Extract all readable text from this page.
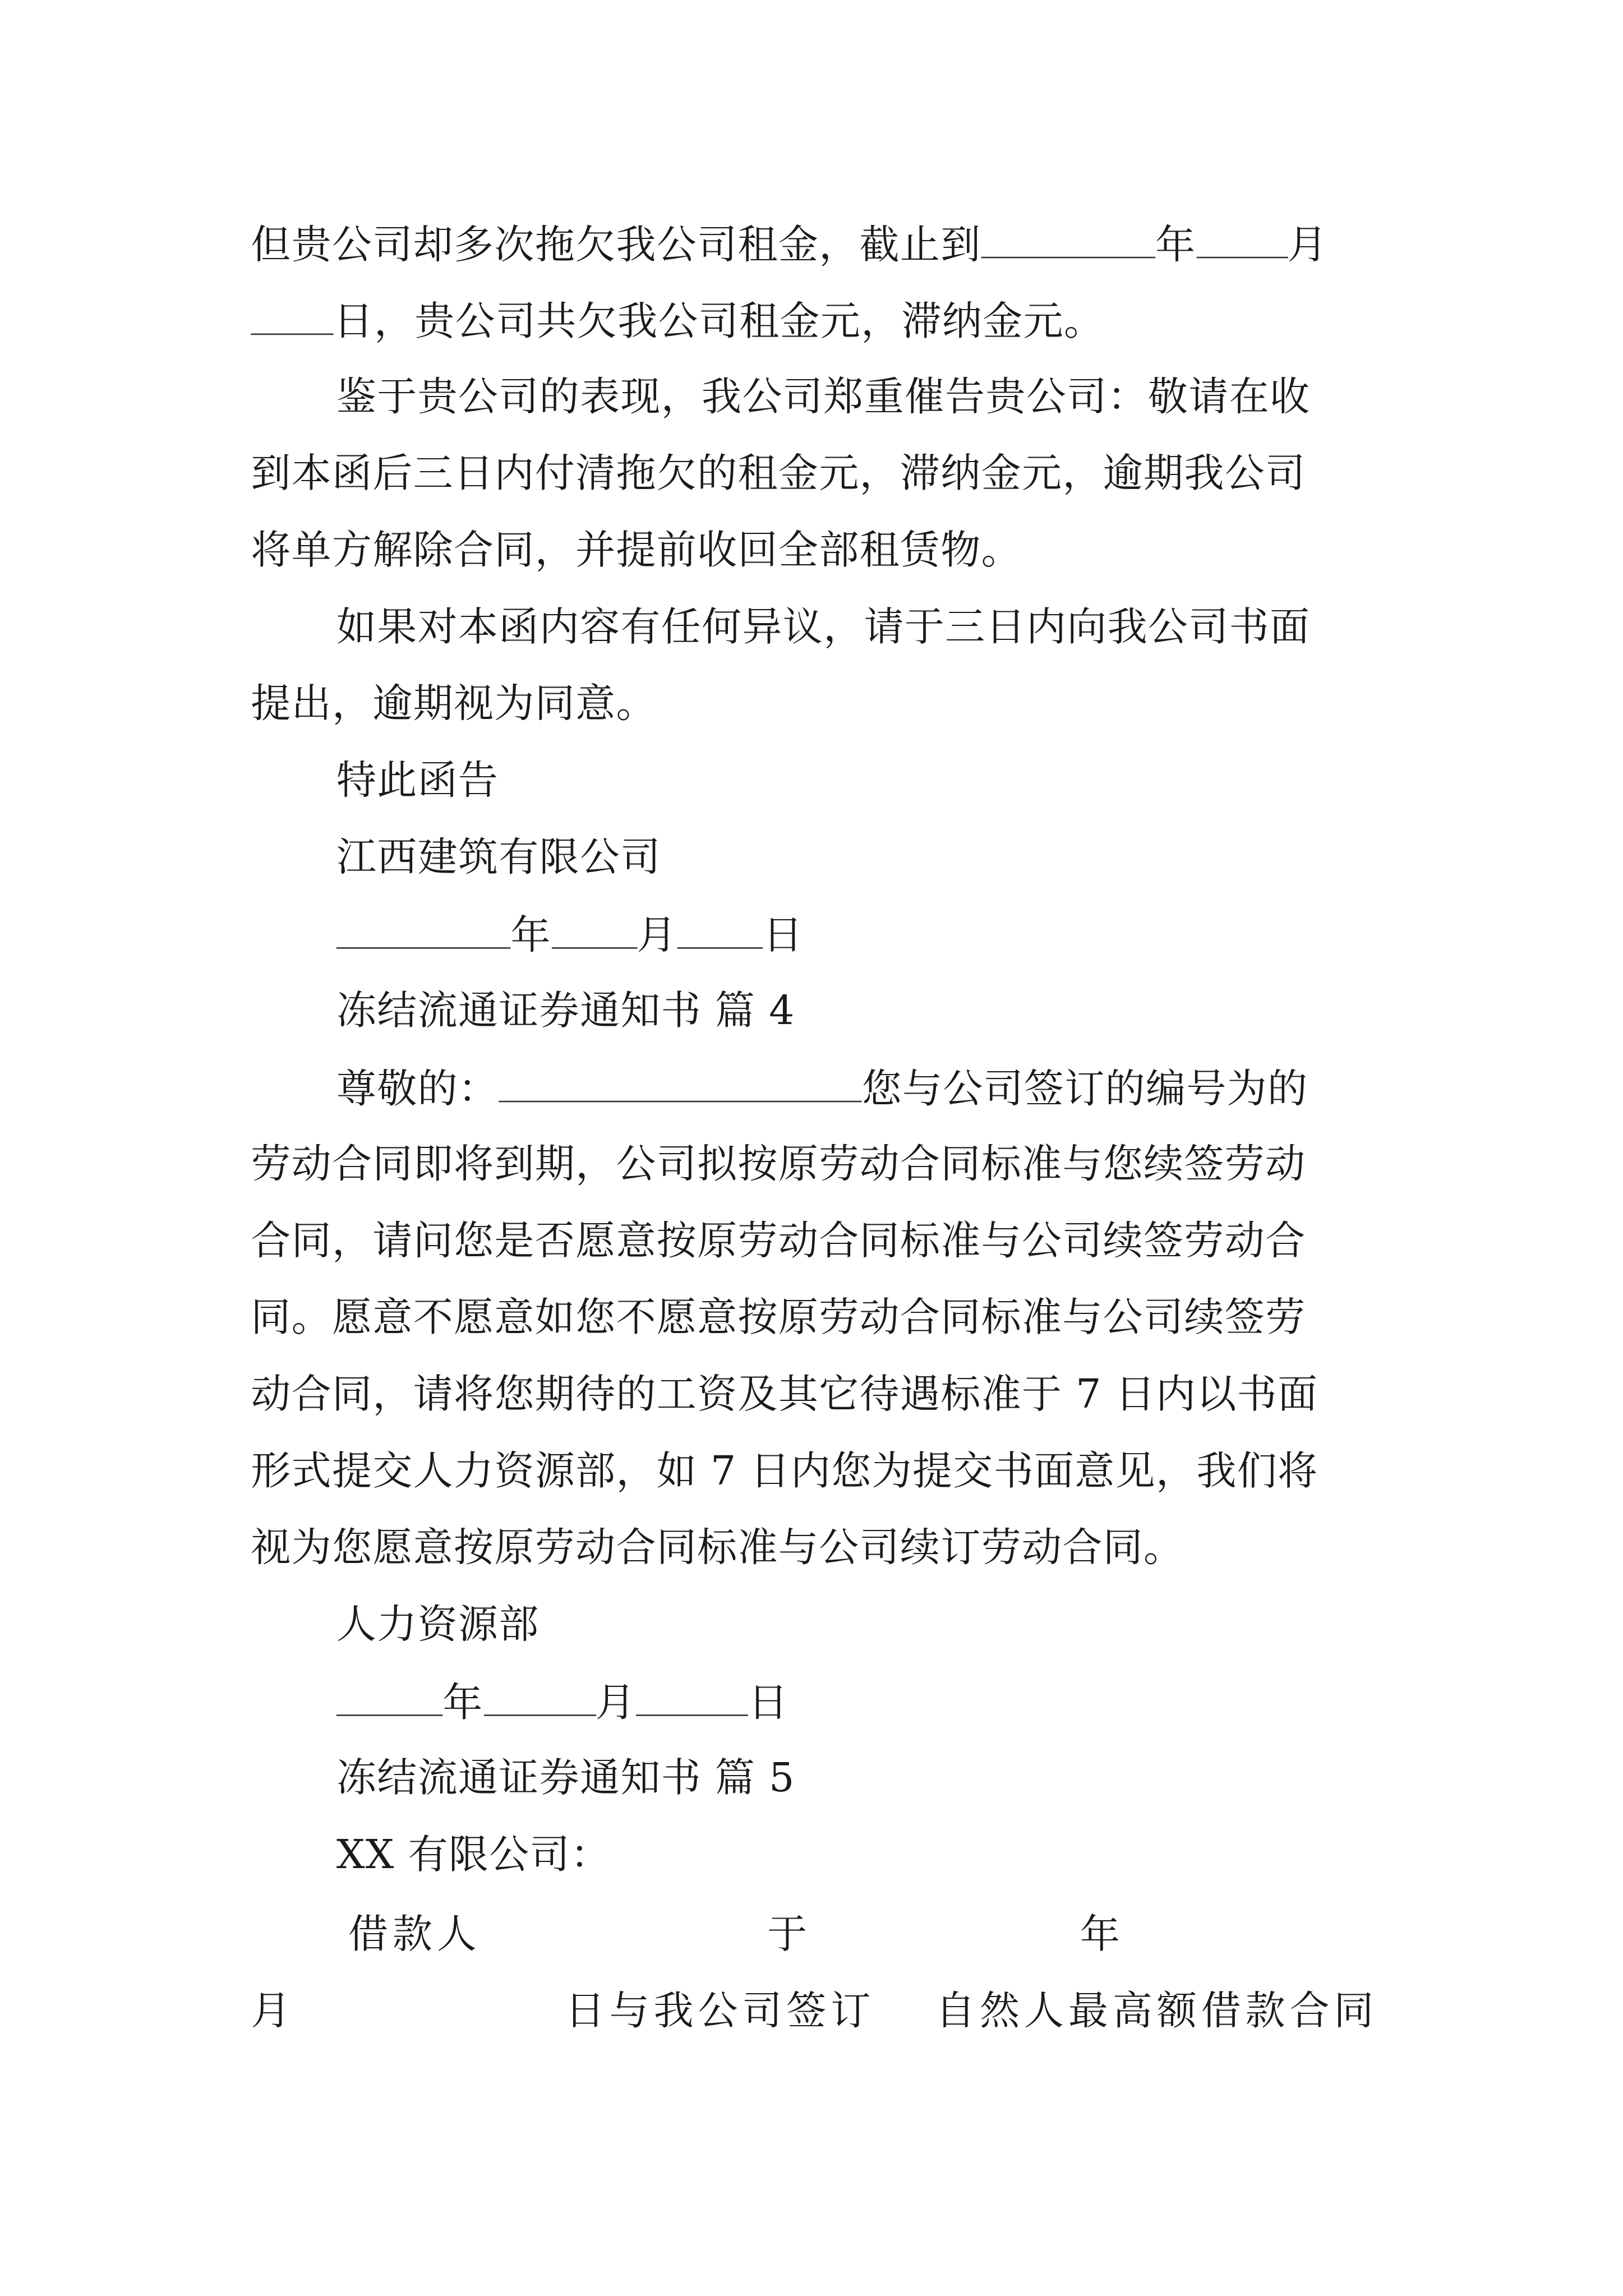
但贵公司却多次拖欠我公司租金，截止到	年	月
日，贵公司共欠我公司租金元，滞纳金元。
鉴于贵公司的表现，我公司郑重催告贵公司：敬请在收
到本函后三日内付清拖欠的租金元，滞纳金元，逾期我公司
将单方解除合同，并提前收回全部租赁物。
如果对本函内容有任何异议，请于三日内向我公司书面
提出，逾期视为同意。
特此函告
江西建筑有限公司
年	月	日
冻结流通证券通知书 篇 4
尊敬的：	您与公司签订的编号为的
劳动合同即将到期，公司拟按原劳动合同标准与您续签劳动
合同，请问您是否愿意按原劳动合同标准与公司续签劳动合
同。愿意不愿意如您不愿意按原劳动合同标准与公司续签劳
动合同，请将您期待的工资及其它待遇标准于 7 日内以书面
形式提交人力资源部，如 7 日内您为提交书面意见，我们将
视为您愿意按原劳动合同标准与公司续订劳动合同。
人力资源部
年	月	日
冻结流通证券通知书 篇 5
XX 有限公司：
借款人	于	年
月	日与我公司签订	自然人最高额借款合同
